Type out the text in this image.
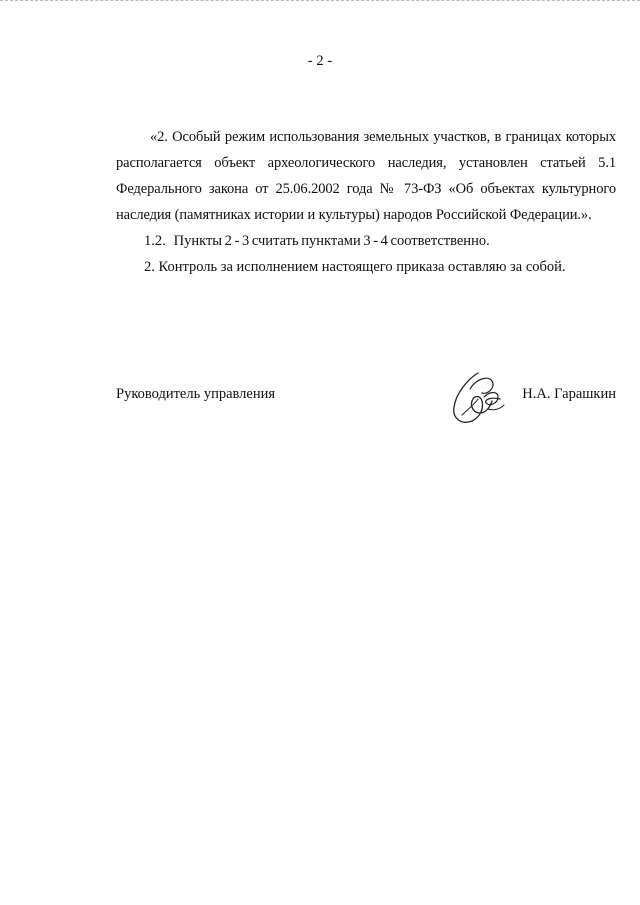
- 2 -

«2. Особый режим использования земельных участков, в границах которых располагается объект археологического наследия, установлен статьей 5.1 Федерального закона от 25.06.2002 года № 73-ФЗ «Об объектах культурного наследия (памятниках истории и культуры) народов Российской Федерации.».

1.2.   Пункты 2 - 3 считать пунктами 3 - 4 соответственно.

2. Контроль за исполнением настоящего приказа оставляю за собой.

Руководитель управления	Н.А. Гарашкин
